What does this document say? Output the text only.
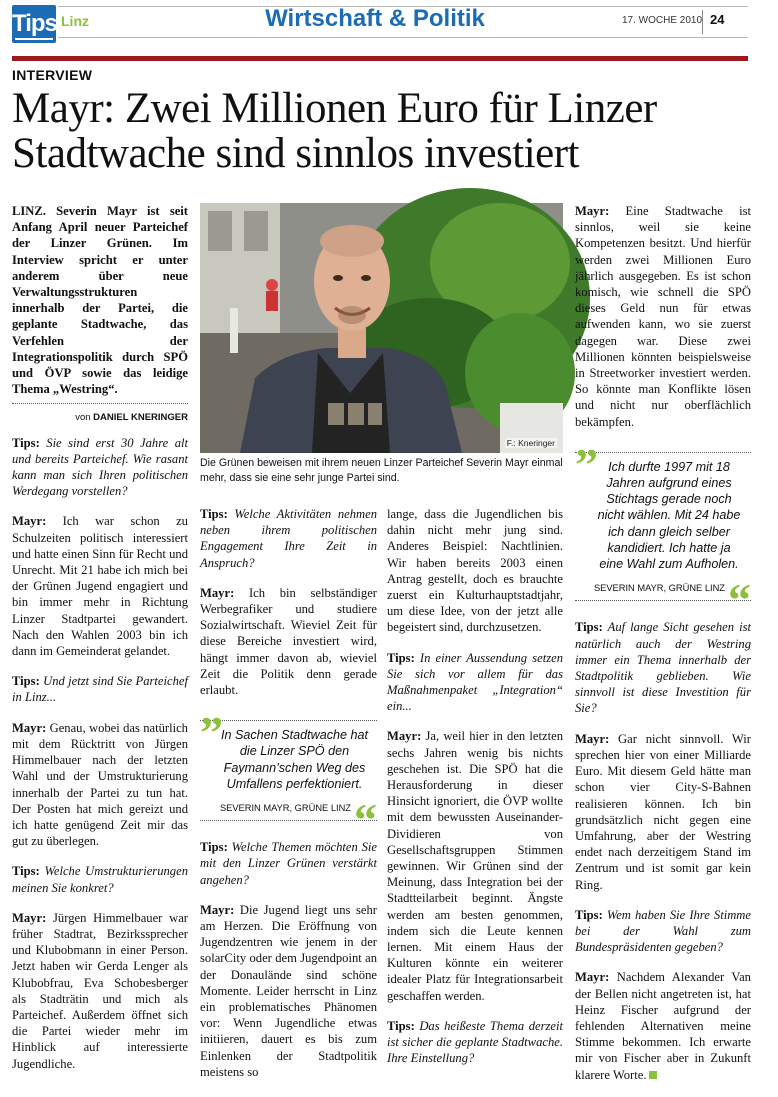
Tips Linz	Wirtschaft & Politik	17. WOCHE 2010 24
INTERVIEW
Mayr: Zwei Millionen Euro für Linzer Stadtwache sind sinnlos investiert

LINZ. Severin Mayr ist seit Anfang April neuer Parteichef der Linzer Grünen. Im Interview spricht er unter anderem über neue Verwaltungsstrukturen innerhalb der Partei, die geplante Stadtwache, das Verfehlen der Integrationspolitik durch SPÖ und ÖVP sowie das leidige Thema „Westring“.

von DANIEL KNERINGER

Tips: Sie sind erst 30 Jahre alt und bereits Parteichef. Wie rasant kann man sich Ihren politischen Werdegang vorstellen?

Mayr: Ich war schon zu Schulzeiten politisch interessiert und hatte einen Sinn für Recht und Unrecht. Mit 21 habe ich mich bei der Grünen Jugend engagiert und bin immer mehr in Richtung Linzer Stadtpartei gewandert. Nach den Wahlen 2003 bin ich dann im Gemeinderat gelandet.

Tips: Und jetzt sind Sie Parteichef in Linz...

Mayr: Genau, wobei das natürlich mit dem Rücktritt von Jürgen Himmelbauer nach der letzten Wahl und der Umstrukturierung innerhalb der Partei zu tun hat. Der Posten hat mich gereizt und ich hatte genügend Zeit mir das gut zu überlegen.

Tips: Welche Umstrukturierungen meinen Sie konkret?

Mayr: Jürgen Himmelbauer war früher Stadtrat, Bezirkssprecher und Klubobmann in einer Person. Jetzt haben wir Gerda Lenger als Klubobfrau, Eva Schobesberger als Stadträtin und mich als Parteichef. Außerdem öffnet sich die Partei wieder mehr im Hinblick auf interessierte Jugendliche.

F.: Kneringer
Die Grünen beweisen mit ihrem neuen Linzer Parteichef Severin Mayr einmal mehr, dass sie eine sehr junge Partei sind.

Tips: Welche Aktivitäten nehmen neben ihrem politischen Engagement Ihre Zeit in Anspruch?

Mayr: Ich bin selbständiger Werbegrafiker und studiere Sozialwirtschaft. Wieviel Zeit für diese Bereiche investiert wird, hängt immer davon ab, wieviel Zeit die Politik denn gerade erlaubt.

”
In Sachen Stadtwache hat die Linzer SPÖ den Faymann’schen Weg des Umfallens perfektioniert.
SEVERIN MAYR, GRÜNE LINZ “

Tips: Welche Themen möchten Sie mit den Linzer Grünen verstärkt angehen?

Mayr: Die Jugend liegt uns sehr am Herzen. Die Eröffnung von Jugendzentren wie jenem in der solarCity oder dem Jugendpoint an der Donaulände sind schöne Momente. Leider herrscht in Linz ein problematisches Phänomen vor: Wenn Jugendliche etwas initiieren, dauert es bis zum Einlenken der Stadtpolitik meistens so

lange, dass die Jugendlichen bis dahin nicht mehr jung sind. Anderes Beispiel: Nachtlinien. Wir haben bereits 2003 einen Antrag gestellt, doch es brauchte zuerst ein Kulturhauptstadtjahr, um diese Idee, von der jetzt alle begeistert sind, durchzusetzen.

Tips: In einer Aussendung setzen Sie sich vor allem für das Maßnahmenpaket „Integration“ ein...

Mayr: Ja, weil hier in den letzten sechs Jahren wenig bis nichts geschehen ist. Die SPÖ hat die Herausforderung in dieser Hinsicht ignoriert, die ÖVP wollte mit dem bewussten Auseinander-Dividieren von Gesellschaftsgruppen Stimmen gewinnen. Wir Grünen sind der Meinung, dass Integration bei der Stadtteilarbeit beginnt. Ängste werden am besten genommen, indem sich die Leute kennen lernen. Mit einem Haus der Kulturen könnte ein weiterer idealer Platz für Integrationsarbeit geschaffen werden.

Tips: Das heißeste Thema derzeit ist sicher die geplante Stadtwache. Ihre Einstellung?

Mayr: Eine Stadtwache ist sinnlos, weil sie keine Kompetenzen besitzt. Und hierfür werden zwei Millionen Euro jährlich ausgegeben. Es ist schon komisch, wie schnell die SPÖ dieses Geld nun für etwas aufwenden kann, wo sie zuerst dagegen war. Diese zwei Millionen könnten beispielsweise in Streetworker investiert werden. So könnte man Konflikte lösen und nicht nur oberflächlich bekämpfen.

” Ich durfte 1997 mit 18 Jahren aufgrund eines Stichtags gerade noch nicht wählen. Mit 24 habe ich dann gleich selber kandidiert. Ich hatte ja eine Wahl zum Aufholen.
SEVERIN MAYR, GRÜNE LINZ “

Tips: Auf lange Sicht gesehen ist natürlich auch der Westring immer ein Thema innerhalb der Stadtpolitik geblieben. Wie sinnvoll ist diese Investition für Sie?

Mayr: Gar nicht sinnvoll. Wir sprechen hier von einer Milliarde Euro. Mit diesem Geld hätte man schon vier City-S-Bahnen realisieren können. Ich bin grundsätzlich nicht gegen eine Umfahrung, aber der Westring endet nach derzeitigem Stand im Zentrum und ist somit gar kein Ring.

Tips: Wem haben Sie Ihre Stimme bei der Wahl zum Bundespräsidenten gegeben?

Mayr: Nachdem Alexander Van der Bellen nicht angetreten ist, hat Heinz Fischer aufgrund der fehlenden Alternativen meine Stimme bekommen. Ich erwarte mir von Fischer aber in Zukunft klarere Worte.
